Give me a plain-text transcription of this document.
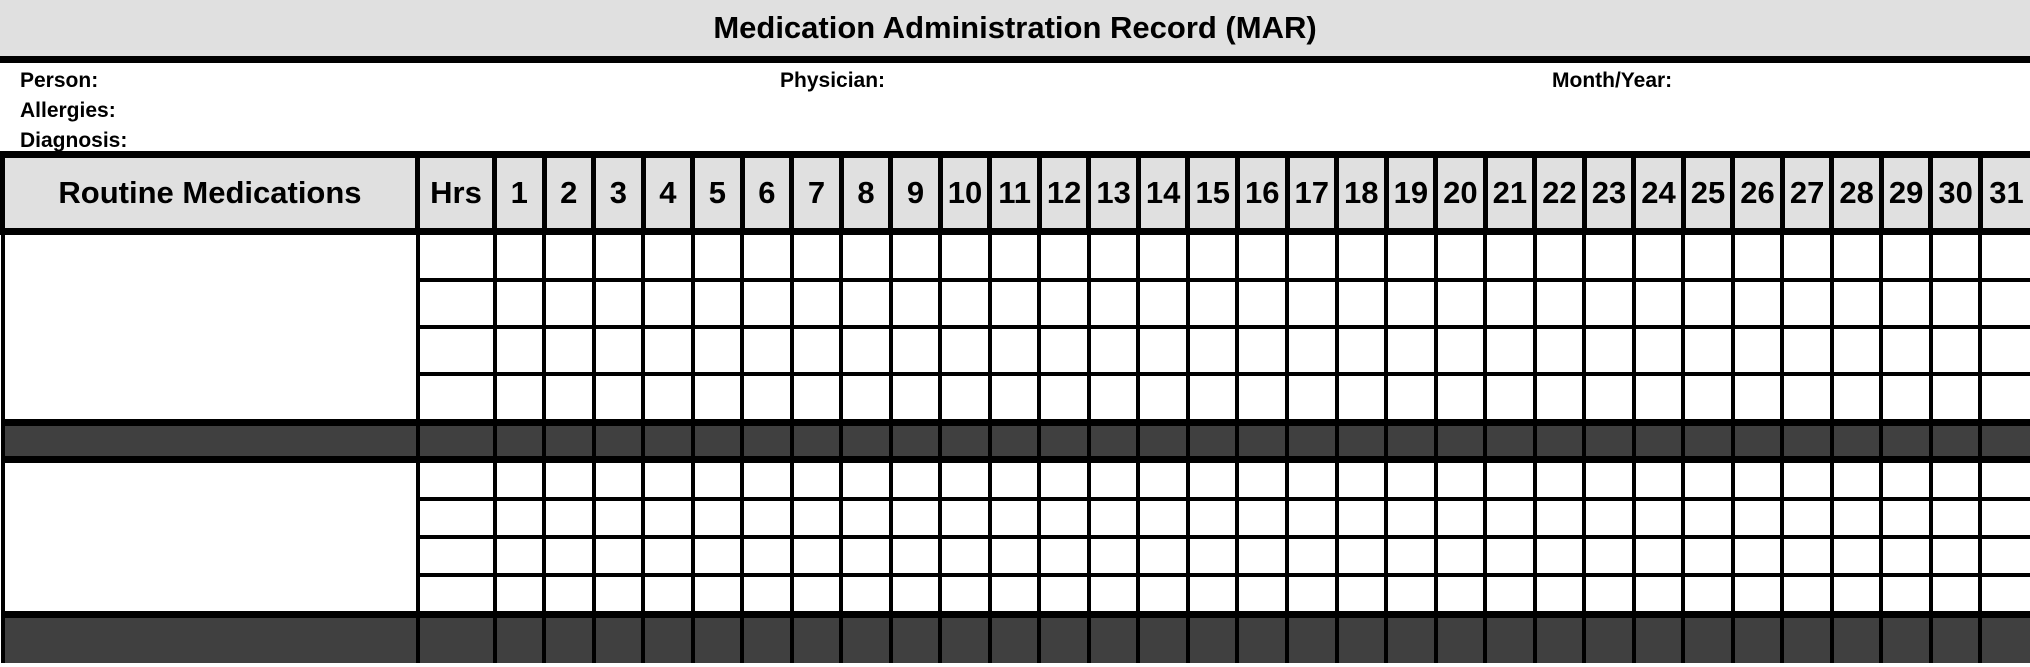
Medication Administration Record (MAR)
Person:
Allergies:
Diagnosis:
Physician:	Month/Year:
Routine Medications	Hrs	1	2	3	4	5	6	7	8	9	10	11	12	13	14	15	16	17	18	19	20	21	22	23	24	25	26	27	28	29	30	31
